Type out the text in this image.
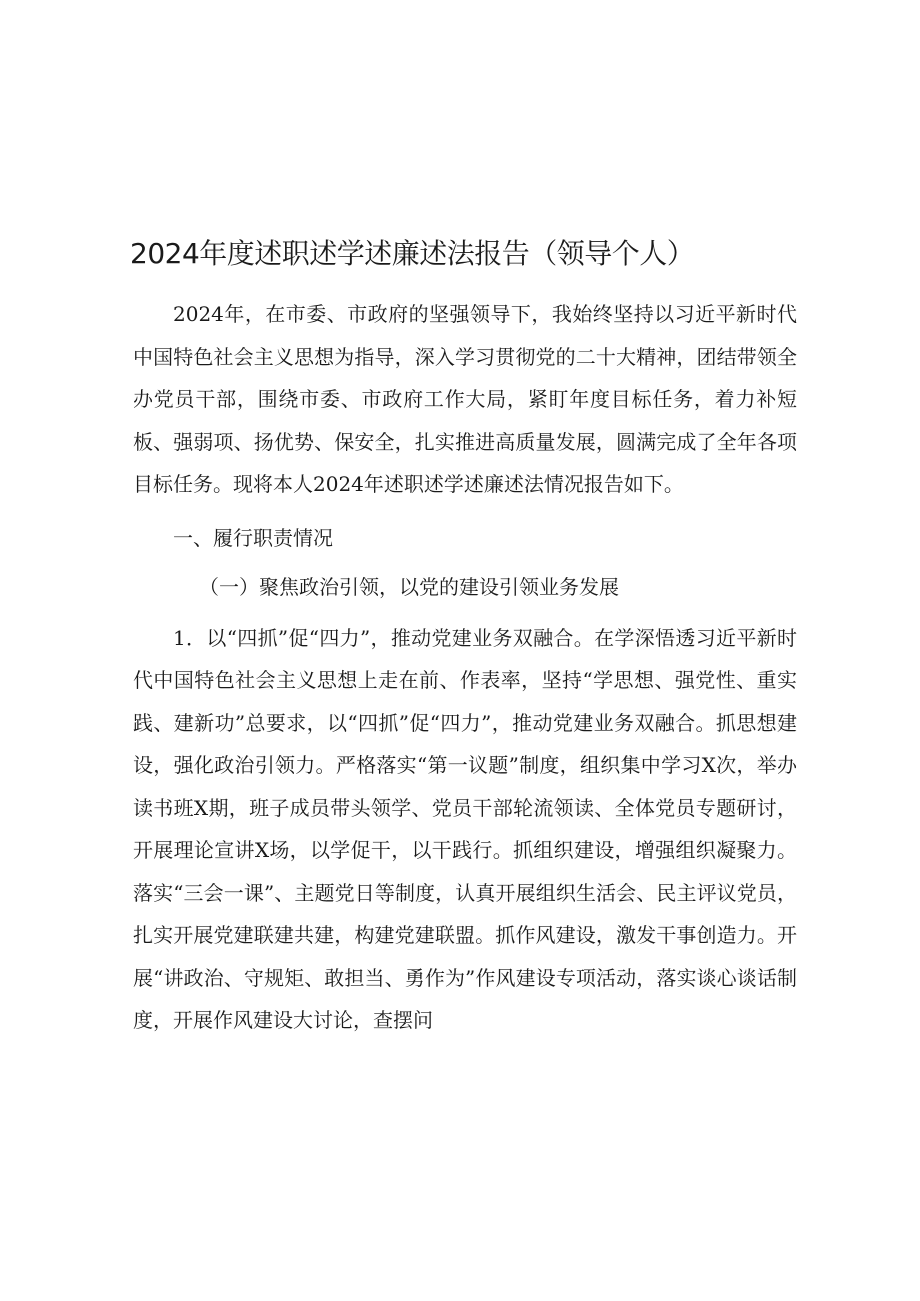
2024年度述职述学述廉述法报告（领导个人）

2024年，在市委、市政府的坚强领导下，我始终坚持以习近平新时代中国特色社会主义思想为指导，深入学习贯彻党的二十大精神，团结带领全办党员干部，围绕市委、市政府工作大局，紧盯年度目标任务，着力补短板、强弱项、扬优势、保安全，扎实推进高质量发展，圆满完成了全年各项目标任务。现将本人2024年述职述学述廉述法情况报告如下。

一、履行职责情况

（一）聚焦政治引领，以党的建设引领业务发展

1．以“四抓”促“四力”，推动党建业务双融合。在学深悟透习近平新时代中国特色社会主义思想上走在前、作表率，坚持“学思想、强党性、重实践、建新功”总要求，以“四抓”促“四力”，推动党建业务双融合。抓思想建设，强化政治引领力。严格落实“第一议题”制度，组织集中学习X次，举办读书班X期，班子成员带头领学、党员干部轮流领读、全体党员专题研讨，开展理论宣讲X场，以学促干，以干践行。抓组织建设，增强组织凝聚力。落实“三会一课”、主题党日等制度，认真开展组织生活会、民主评议党员，扎实开展党建联建共建，构建党建联盟。抓作风建设，激发干事创造力。开展“讲政治、守规矩、敢担当、勇作为”作风建设专项活动，落实谈心谈话制度，开展作风建设大讨论，查摆问
